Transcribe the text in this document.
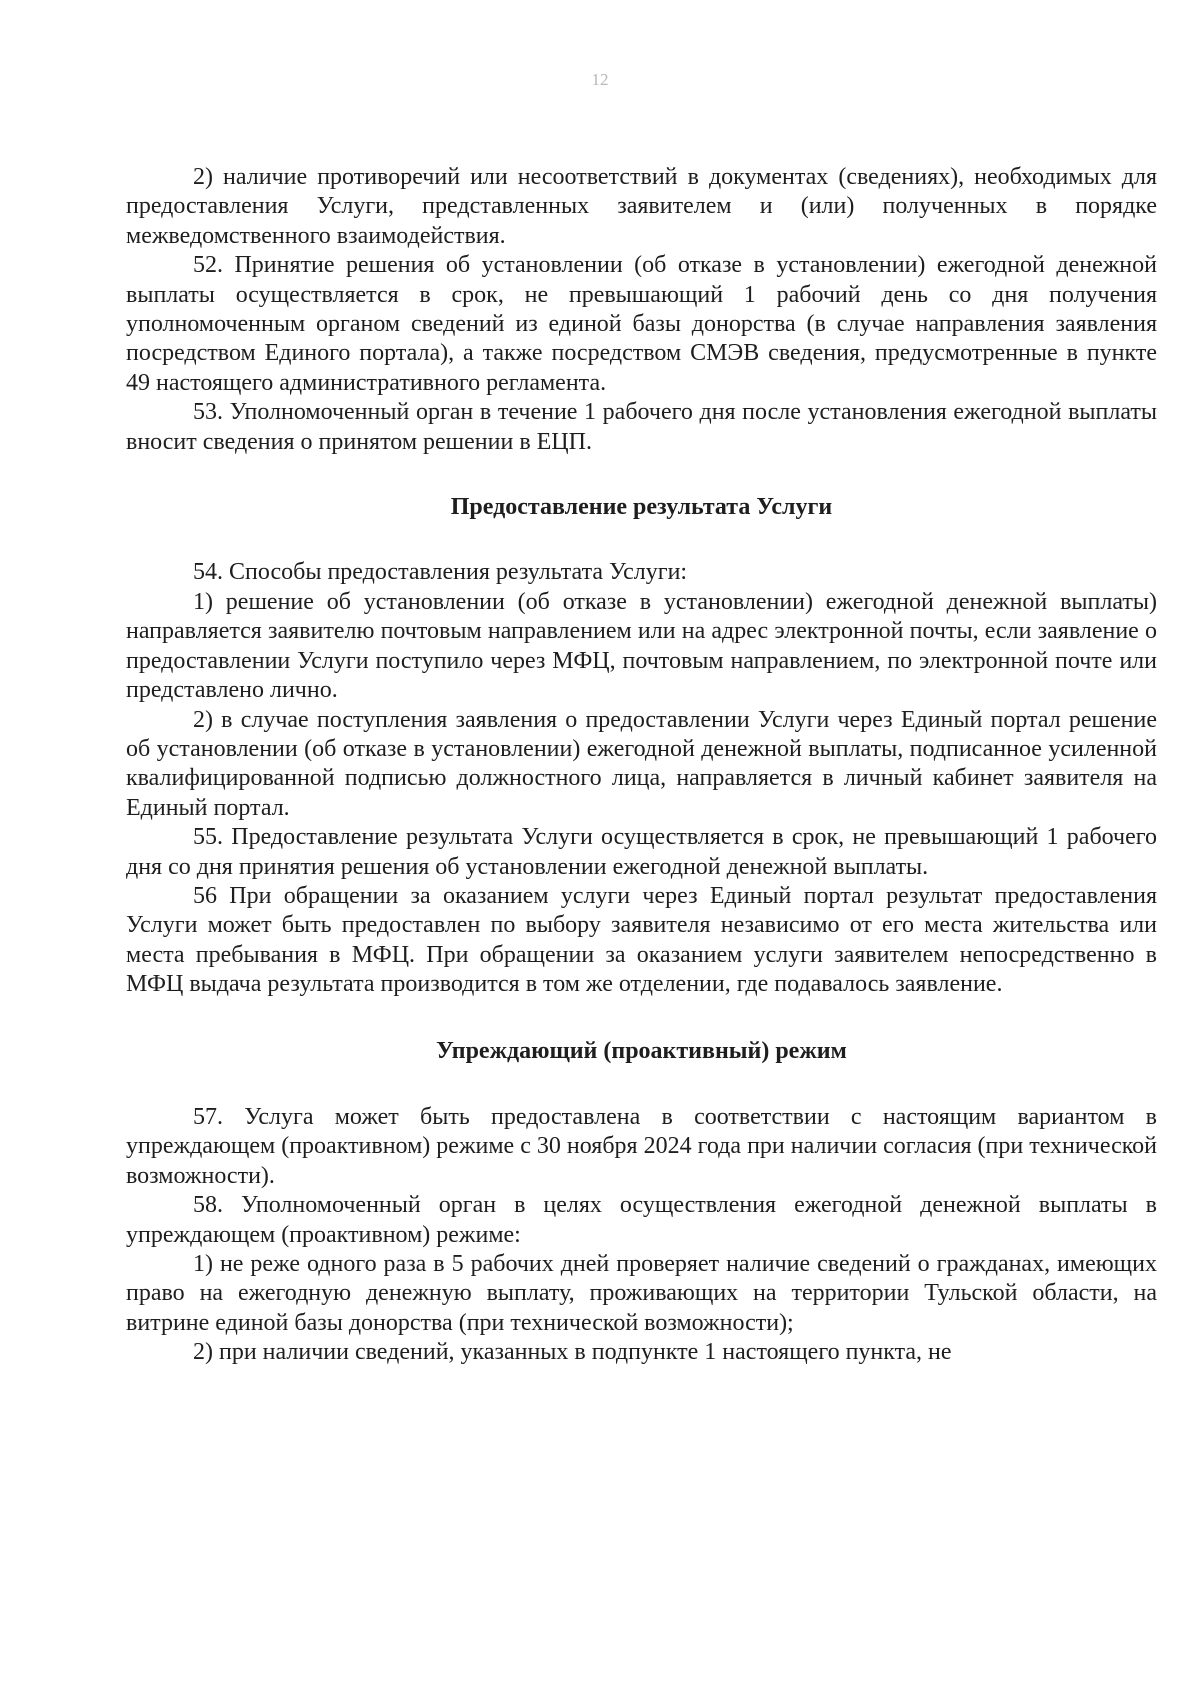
12

2) наличие противоречий или несоответствий в документах (сведениях), необходимых для предоставления Услуги, представленных заявителем и (или) полученных в порядке межведомственного взаимодействия.

52. Принятие решения об установлении (об отказе в установлении) ежегодной денежной выплаты осуществляется в срок, не превышающий 1 рабочий день со дня получения уполномоченным органом сведений из единой базы донорства (в случае направления заявления посредством Единого портала), а также посредством СМЭВ сведения, предусмотренные в пункте 49 настоящего административного регламента.

53. Уполномоченный орган в течение 1 рабочего дня после установления ежегодной выплаты вносит сведения о принятом решении в ЕЦП.

Предоставление результата Услуги

54. Способы предоставления результата Услуги:

1) решение об установлении (об отказе в установлении) ежегодной денежной выплаты) направляется заявителю почтовым направлением или на адрес электронной почты, если заявление о предоставлении Услуги поступило через МФЦ, почтовым направлением, по электронной почте или представлено лично.

2) в случае поступления заявления о предоставлении Услуги через Единый портал решение об установлении (об отказе в установлении) ежегодной денежной выплаты, подписанное усиленной квалифицированной подписью должностного лица, направляется в личный кабинет заявителя на Единый портал.

55. Предоставление результата Услуги осуществляется в срок, не превышающий 1 рабочего дня со дня принятия решения об установлении ежегодной денежной выплаты.

56 При обращении за оказанием услуги через Единый портал результат предоставления Услуги может быть предоставлен по выбору заявителя независимо от его места жительства или места пребывания в МФЦ. При обращении за оказанием услуги заявителем непосредственно в МФЦ выдача результата производится в том же отделении, где подавалось заявление.

Упреждающий (проактивный) режим

57. Услуга может быть предоставлена в соответствии с настоящим вариантом в упреждающем (проактивном) режиме с 30 ноября 2024 года при наличии согласия (при технической возможности).

58. Уполномоченный орган в целях осуществления ежегодной денежной выплаты в упреждающем (проактивном) режиме:

1) не реже одного раза в 5 рабочих дней проверяет наличие сведений о гражданах, имеющих право на ежегодную денежную выплату, проживающих на территории Тульской области, на витрине единой базы донорства (при технической возможности);

2) при наличии сведений, указанных в подпункте 1 настоящего пункта, не
